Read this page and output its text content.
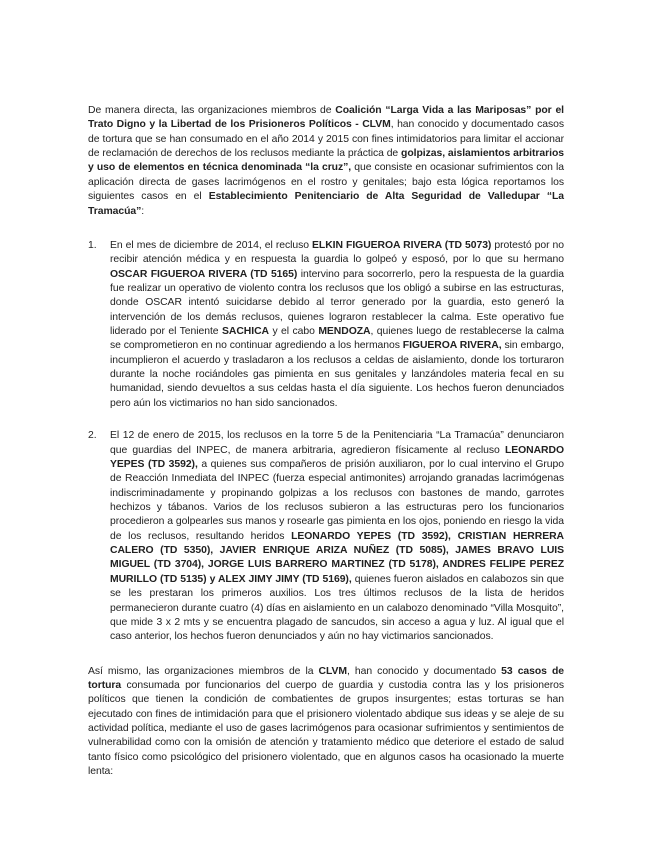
De manera directa, las organizaciones miembros de Coalición “Larga Vida a las Mariposas” por el Trato Digno y la Libertad de los Prisioneros Políticos - CLVM, han conocido y documentado casos de tortura que se han consumado en el año 2014 y 2015 con fines intimidatorios para limitar el accionar de reclamación de derechos de los reclusos mediante la práctica de golpizas, aislamientos arbitrarios y uso de elementos en técnica denominada “la cruz”, que consiste en ocasionar sufrimientos con la aplicación directa de gases lacrimógenos en el rostro y genitales; bajo esta lógica reportamos los siguientes casos en el Establecimiento Penitenciario de Alta Seguridad de Valledupar “La Tramacúa”:

1. En el mes de diciembre de 2014, el recluso ELKIN FIGUEROA RIVERA (TD 5073) protestó por no recibir atención médica y en respuesta la guardia lo golpeó y esposó, por lo que su hermano OSCAR FIGUEROA RIVERA (TD 5165) intervino para socorrerlo, pero la respuesta de la guardia fue realizar un operativo de violento contra los reclusos que los obligó a subirse en las estructuras, donde OSCAR intentó suicidarse debido al terror generado por la guardia, esto generó la intervención de los demás reclusos, quienes lograron restablecer la calma. Este operativo fue liderado por el Teniente SACHICA y el cabo MENDOZA, quienes luego de restablecerse la calma se comprometieron en no continuar agrediendo a los hermanos FIGUEROA RIVERA, sin embargo, incumplieron el acuerdo y trasladaron a los reclusos a celdas de aislamiento, donde los torturaron durante la noche rociándoles gas pimienta en sus genitales y lanzándoles materia fecal en su humanidad, siendo devueltos a sus celdas hasta el día siguiente. Los hechos fueron denunciados pero aún los victimarios no han sido sancionados.
2. El 12 de enero de 2015, los reclusos en la torre 5 de la Penitenciaria “La Tramacúa” denunciaron que guardias del INPEC, de manera arbitraria, agredieron físicamente al recluso LEONARDO YEPES (TD 3592), a quienes sus compañeros de prisión auxiliaron, por lo cual intervino el Grupo de Reacción Inmediata del INPEC (fuerza especial antimonites) arrojando granadas lacrimógenas indiscriminadamente y propinando golpizas a los reclusos con bastones de mando, garrotes hechizos y tábanos. Varios de los reclusos subieron a las estructuras pero los funcionarios procedieron a golpearles sus manos y rosearle gas pimienta en los ojos, poniendo en riesgo la vida de los reclusos, resultando heridos LEONARDO YEPES (TD 3592), CRISTIAN HERRERA CALERO (TD 5350), JAVIER ENRIQUE ARIZA NUÑEZ (TD 5085), JAMES BRAVO LUIS MIGUEL (TD 3704), JORGE LUIS BARRERO MARTINEZ (TD 5178), ANDRES FELIPE PEREZ MURILLO (TD 5135) y ALEX JIMY JIMY (TD 5169), quienes fueron aislados en calabozos sin que se les prestaran los primeros auxilios. Los tres últimos reclusos de la lista de heridos permanecieron durante cuatro (4) días en aislamiento en un calabozo denominado “Villa Mosquito”, que mide 3 x 2 mts y se encuentra plagado de sancudos, sin acceso a agua y luz. Al igual que el caso anterior, los hechos fueron denunciados y aún no hay victimarios sancionados.

Así mismo, las organizaciones miembros de la CLVM, han conocido y documentado 53 casos de tortura consumada por funcionarios del cuerpo de guardia y custodia contra las y los prisioneros políticos que tienen la condición de combatientes de grupos insurgentes; estas torturas se han ejecutado con fines de intimidación para que el prisionero violentado abdique sus ideas y se aleje de su actividad política, mediante el uso de gases lacrimógenos para ocasionar sufrimientos y sentimientos de vulnerabilidad como con la omisión de atención y tratamiento médico que deteriore el estado de salud tanto físico como psicológico del prisionero violentado, que en algunos casos ha ocasionado la muerte lenta:
